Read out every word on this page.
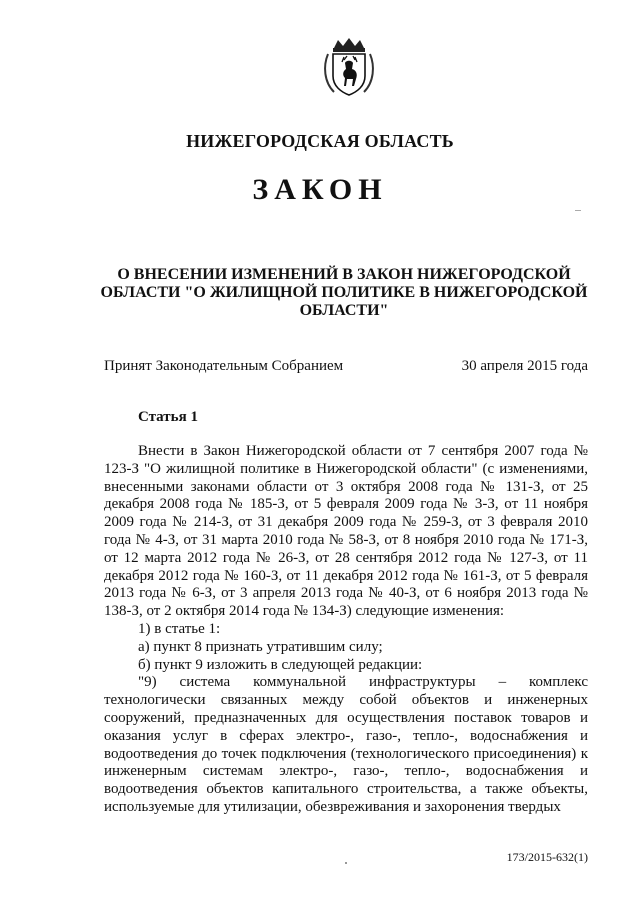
НИЖЕГОРОДСКАЯ ОБЛАСТЬ
ЗАКОН
О ВНЕСЕНИИ ИЗМЕНЕНИЙ В ЗАКОН НИЖЕГОРОДСКОЙ ОБЛАСТИ "О ЖИЛИЩНОЙ ПОЛИТИКЕ В НИЖЕГОРОДСКОЙ ОБЛАСТИ"
Принят Законодательным Собранием	30 апреля 2015 года
Статья 1

Внести в Закон Нижегородской области от 7 сентября 2007 года № 123-З "О жилищной политике в Нижегородской области" (с изменениями, внесенными законами области от 3 октября 2008 года № 131-З, от 25 декабря 2008 года № 185-З, от 5 февраля 2009 года № 3-З, от 11 ноября 2009 года № 214-З, от 31 декабря 2009 года № 259-З, от 3 февраля 2010 года № 4-З, от 31 марта 2010 года № 58-З, от 8 ноября 2010 года № 171-З, от 12 марта 2012 года № 26-З, от 28 сентября 2012 года № 127-З, от 11 декабря 2012 года № 160-З, от 11 декабря 2012 года № 161-З, от 5 февраля 2013 года № 6-З, от 3 апреля 2013 года № 40-З, от 6 ноября 2013 года № 138-З, от 2 октября 2014 года № 134-З) следующие изменения:

1) в статье 1:

а) пункт 8 признать утратившим силу;

б) пункт 9 изложить в следующей редакции:

"9) система коммунальной инфраструктуры – комплекс технологически связанных между собой объектов и инженерных сооружений, предназначенных для осуществления поставок товаров и оказания услуг в сферах электро-, газо-, тепло-, водоснабжения и водоотведения до точек подключения (технологического присоединения) к инженерным системам электро-, газо-, тепло-, водоснабжения и водоотведения объектов капитального строительства, а также объекты, используемые для утилизации, обезвреживания и захоронения твердых

173/2015-632(1)
